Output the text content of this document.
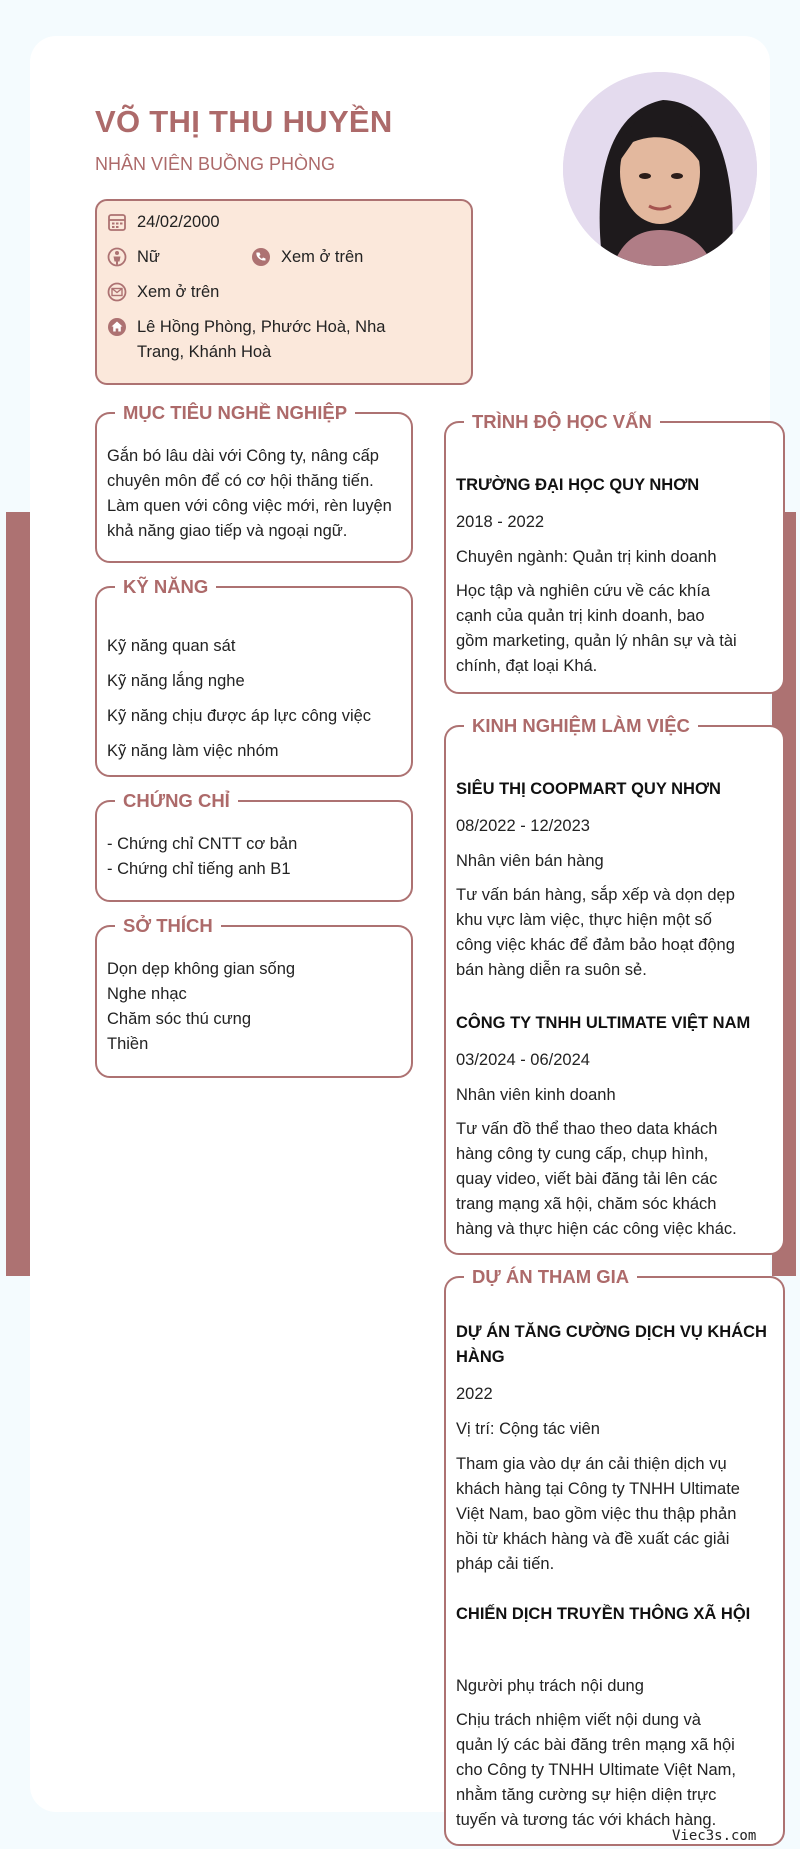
VÕ THỊ THU HUYỀN
NHÂN VIÊN BUỒNG PHÒNG
24/02/2000
Nữ	Xem ở trên
Xem ở trên
Lê Hồng Phòng, Phước Hoà, Nha
Trang, Khánh Hoà
MỤC TIÊU NGHỀ NGHIỆP
Gắn bó lâu dài với Công ty, nâng cấp
chuyên môn để có cơ hội thăng tiến.
Làm quen với công việc mới, rèn luyện
khả năng giao tiếp và ngoại ngữ.
KỸ NĂNG
Kỹ năng quan sát
Kỹ năng lắng nghe
Kỹ năng chịu được áp lực công việc
Kỹ năng làm việc nhóm
CHỨNG CHỈ
- Chứng chỉ CNTT cơ bản
- Chứng chỉ tiếng anh B1
SỞ THÍCH
Dọn dẹp không gian sống
Nghe nhạc
Chăm sóc thú cưng
Thiền
TRÌNH ĐỘ HỌC VẤN
TRƯỜNG ĐẠI HỌC QUY NHƠN
2018 - 2022
Chuyên ngành: Quản trị kinh doanh
Học tập và nghiên cứu về các khía
cạnh của quản trị kinh doanh, bao
gồm marketing, quản lý nhân sự và tài
chính, đạt loại Khá.
KINH NGHIỆM LÀM VIỆC
SIÊU THỊ COOPMART QUY NHƠN
08/2022 - 12/2023
Nhân viên bán hàng
Tư vấn bán hàng, sắp xếp và dọn dẹp
khu vực làm việc, thực hiện một số
công việc khác để đảm bảo hoạt động
bán hàng diễn ra suôn sẻ.
CÔNG TY TNHH ULTIMATE VIỆT NAM
03/2024 - 06/2024
Nhân viên kinh doanh
Tư vấn đồ thể thao theo data khách
hàng công ty cung cấp, chụp hình,
quay video, viết bài đăng tải lên các
trang mạng xã hội, chăm sóc khách
hàng và thực hiện các công việc khác.
DỰ ÁN THAM GIA
DỰ ÁN TĂNG CƯỜNG DỊCH VỤ KHÁCH
HÀNG
2022
Vị trí: Cộng tác viên
Tham gia vào dự án cải thiện dịch vụ
khách hàng tại Công ty TNHH Ultimate
Việt Nam, bao gồm việc thu thập phản
hồi từ khách hàng và đề xuất các giải
pháp cải tiến.
CHIẾN DỊCH TRUYỀN THÔNG XÃ HỘI
Người phụ trách nội dung
Chịu trách nhiệm viết nội dung và
quản lý các bài đăng trên mạng xã hội
cho Công ty TNHH Ultimate Việt Nam,
nhằm tăng cường sự hiện diện trực
tuyến và tương tác với khách hàng.
Viec3s.com
